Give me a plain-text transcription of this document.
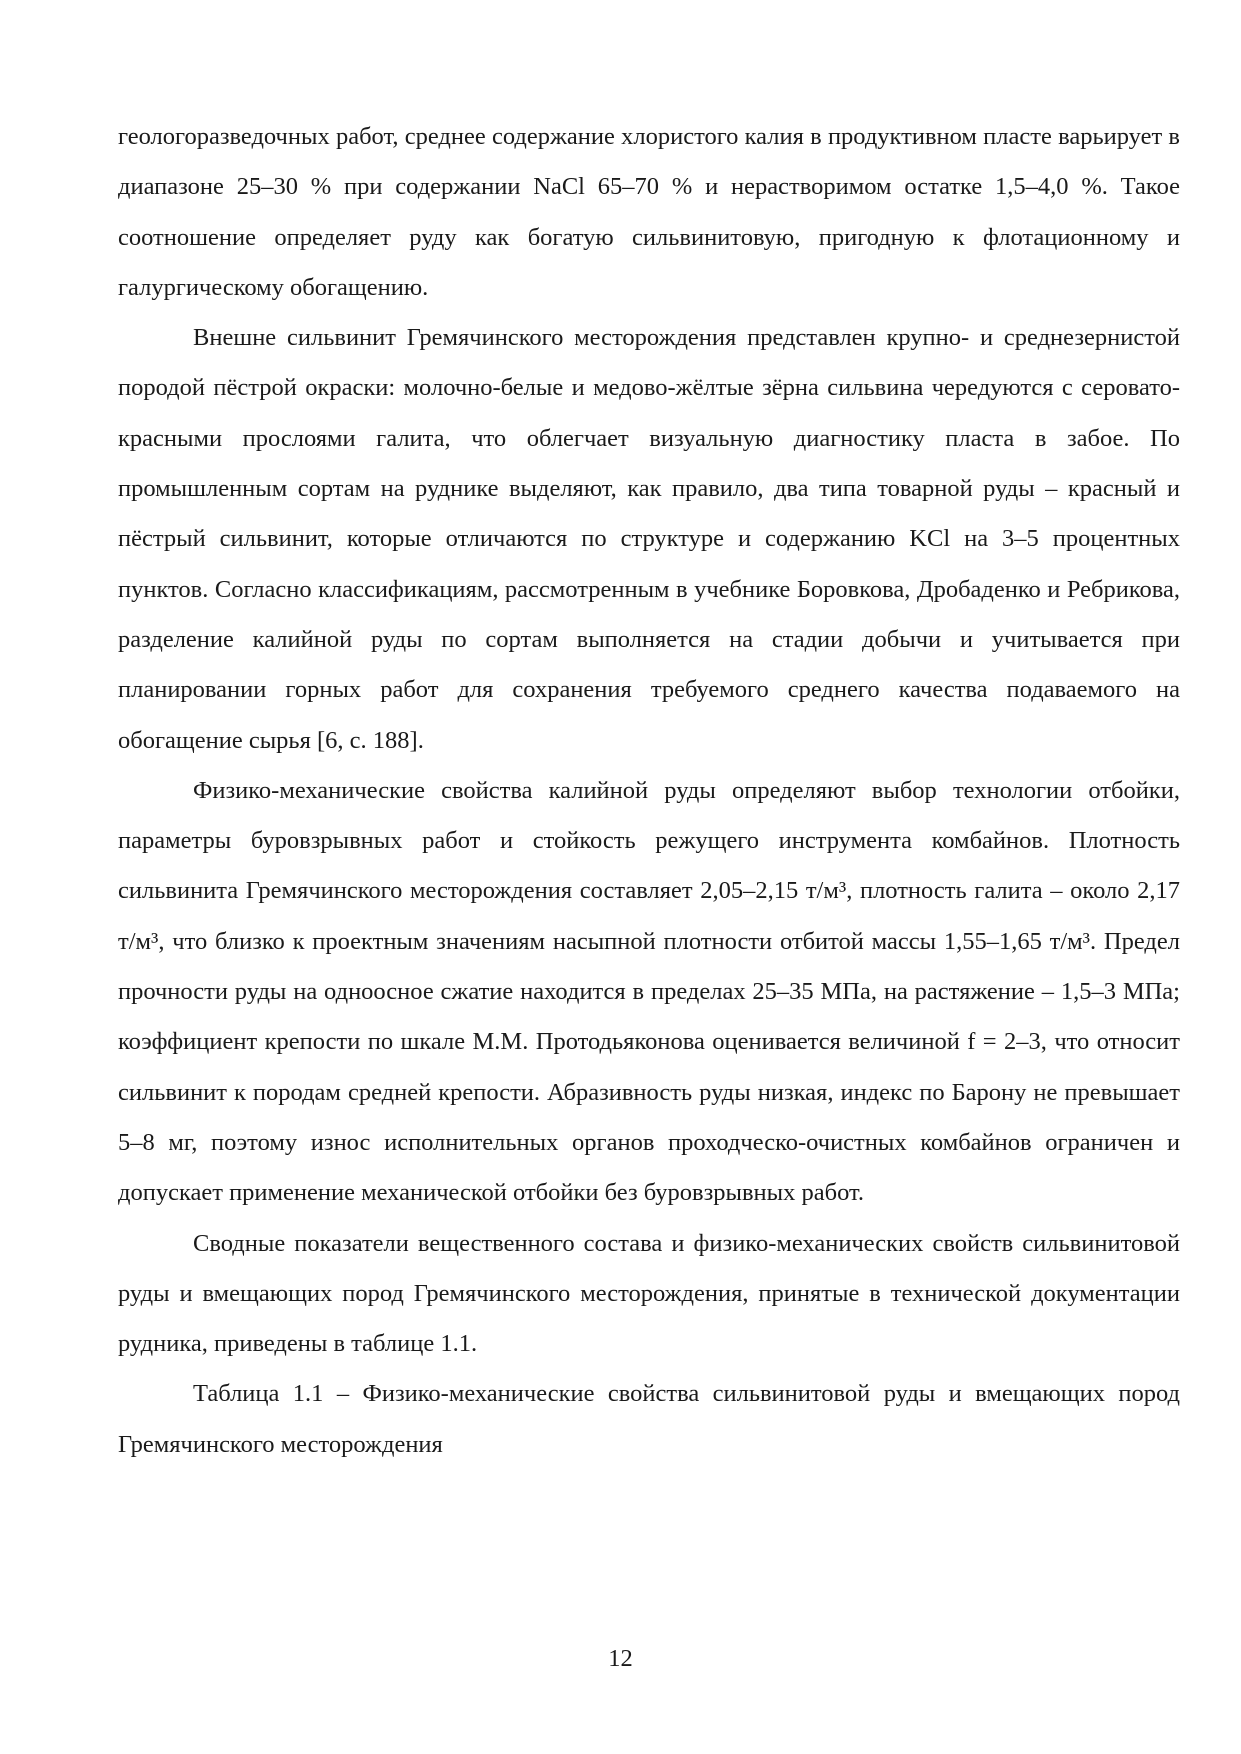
геологоразведочных работ, среднее содержание хлористого калия в продуктивном пласте варьирует в диапазоне 25–30 % при содержании NaCl 65–70 % и нерастворимом остатке 1,5–4,0 %. Такое соотношение определяет руду как богатую сильвинитовую, пригодную к флотационному и галургическому обогащению.

Внешне сильвинит Гремячинского месторождения представлен крупно- и среднезернистой породой пёстрой окраски: молочно-белые и медово-жёлтые зёрна сильвина чередуются с серовато-красными прослоями галита, что облегчает визуальную диагностику пласта в забое. По промышленным сортам на руднике выделяют, как правило, два типа товарной руды – красный и пёстрый сильвинит, которые отличаются по структуре и содержанию KCl на 3–5 процентных пунктов. Согласно классификациям, рассмотренным в учебнике Боровкова, Дробаденко и Ребрикова, разделение калийной руды по сортам выполняется на стадии добычи и учитывается при планировании горных работ для сохранения требуемого среднего качества подаваемого на обогащение сырья [6, с. 188].

Физико-механические свойства калийной руды определяют выбор технологии отбойки, параметры буровзрывных работ и стойкость режущего инструмента комбайнов. Плотность сильвинита Гремячинского месторождения составляет 2,05–2,15 т/м³, плотность галита – около 2,17 т/м³, что близко к проектным значениям насыпной плотности отбитой массы 1,55–1,65 т/м³. Предел прочности руды на одноосное сжатие находится в пределах 25–35 МПа, на растяжение – 1,5–3 МПа; коэффициент крепости по шкале М.М. Протодьяконова оценивается величиной f = 2–3, что относит сильвинит к породам средней крепости. Абразивность руды низкая, индекс по Барону не превышает 5–8 мг, поэтому износ исполнительных органов проходческо-очистных комбайнов ограничен и допускает применение механической отбойки без буровзрывных работ.

Сводные показатели вещественного состава и физико-механических свойств сильвинитовой руды и вмещающих пород Гремячинского месторождения, принятые в технической документации рудника, приведены в таблице 1.1.

Таблица 1.1 – Физико-механические свойства сильвинитовой руды и вмещающих пород Гремячинского месторождения

12
